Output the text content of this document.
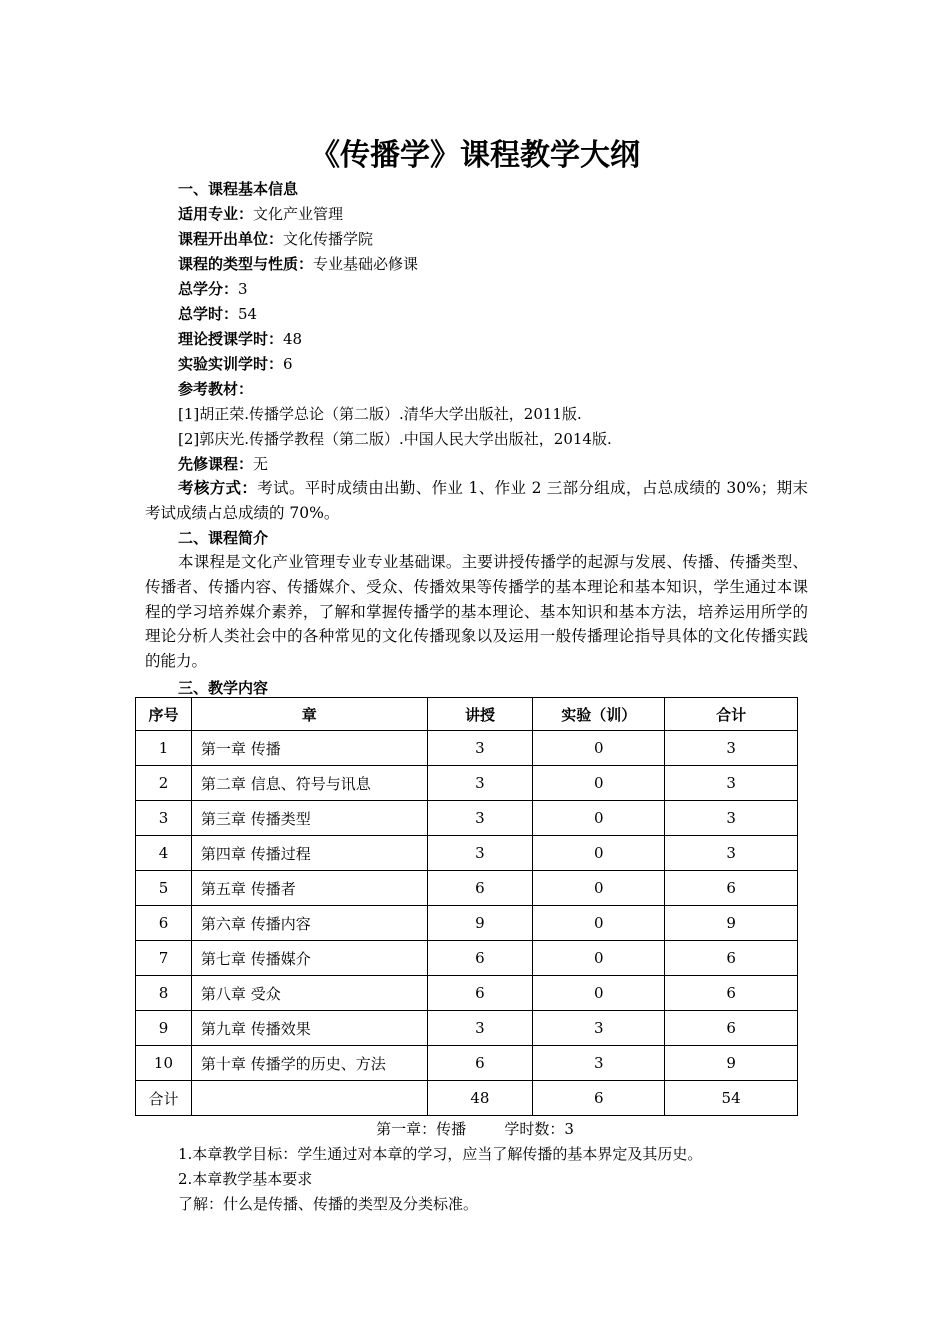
《传播学》课程教学大纲
一、课程基本信息
适用专业：文化产业管理
课程开出单位：文化传播学院
课程的类型与性质：专业基础必修课
总学分：3
总学时：54
理论授课学时：48
实验实训学时：6
参考教材：
[1]胡正荣.传播学总论（第二版）.清华大学出版社，2011版.
[2]郭庆光.传播学教程（第二版）.中国人民大学出版社，2014版.
先修课程：无
考核方式：考试。平时成绩由出勤、作业 1、作业 2 三部分组成，占总成绩的 30%；期末考试成绩占总成绩的 70%。
二、课程简介
本课程是文化产业管理专业专业基础课。主要讲授传播学的起源与发展、传播、传播类型、传播者、传播内容、传播媒介、受众、传播效果等传播学的基本理论和基本知识，学生通过本课程的学习培养媒介素养，了解和掌握传播学的基本理论、基本知识和基本方法，培养运用所学的理论分析人类社会中的各种常见的文化传播现象以及运用一般传播理论指导具体的文化传播实践的能力。
三、教学内容
序号	章	讲授	实验（训）	合计
1	第一章 传播	3	0	3
2	第二章 信息、符号与讯息	3	0	3
3	第三章 传播类型	3	0	3
4	第四章 传播过程	3	0	3
5	第五章 传播者	6	0	6
6	第六章 传播内容	9	0	9
7	第七章 传播媒介	6	0	6
8	第八章 受众	6	0	6
9	第九章 传播效果	3	3	6
10	第十章 传播学的历史、方法	6	3	9
合计		48	6	54
第一章：传播	学时数：3
1.本章教学目标：学生通过对本章的学习，应当了解传播的基本界定及其历史。
2.本章教学基本要求
了解：什么是传播、传播的类型及分类标准。
